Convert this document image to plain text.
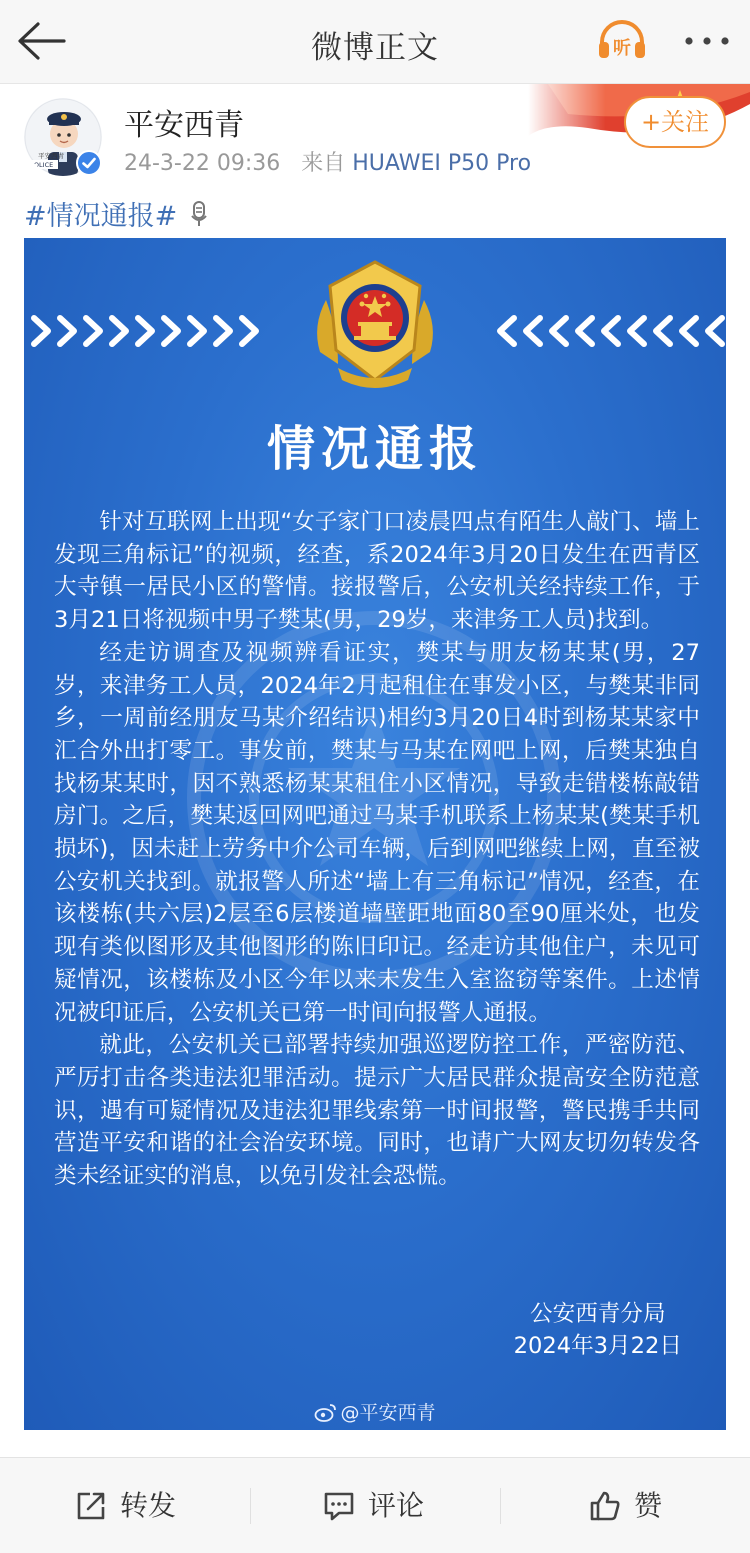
微博正文	听
平安西青
POLICE
平安西青
24-3-22 09:36 来自 HUAWEI P50 Pro
+关注
#情况通报#
情况通报

针对互联网上出现“女子家门口凌晨四点有陌生人敲门、墙上发现三角标记”的视频，经查，系2024年3月20日发生在西青区大寺镇一居民小区的警情。接报警后，公安机关经持续工作，于3月21日将视频中男子樊某(男，29岁，来津务工人员)找到。

经走访调查及视频辨看证实，樊某与朋友杨某某(男，27岁，来津务工人员，2024年2月起租住在事发小区，与樊某非同乡，一周前经朋友马某介绍结识)相约3月20日4时到杨某某家中汇合外出打零工。事发前，樊某与马某在网吧上网，后樊某独自找杨某某时，因不熟悉杨某某租住小区情况，导致走错楼栋敲错房门。之后，樊某返回网吧通过马某手机联系上杨某某(樊某手机损坏)，因未赶上劳务中介公司车辆，后到网吧继续上网，直至被公安机关找到。就报警人所述“墙上有三角标记”情况，经查，在该楼栋(共六层)2层至6层楼道墙壁距地面80至90厘米处，也发现有类似图形及其他图形的陈旧印记。经走访其他住户，未见可疑情况，该楼栋及小区今年以来未发生入室盗窃等案件。上述情况被印证后，公安机关已第一时间向报警人通报。

就此，公安机关已部署持续加强巡逻防控工作，严密防范、严厉打击各类违法犯罪活动。提示广大居民群众提高安全防范意识，遇有可疑情况及违法犯罪线索第一时间报警，警民携手共同营造平安和谐的社会治安环境。同时，也请广大网友切勿转发各类未经证实的消息，以免引发社会恐慌。

公安西青分局
2024年3月22日
@平安西青
转发	评论	赞
